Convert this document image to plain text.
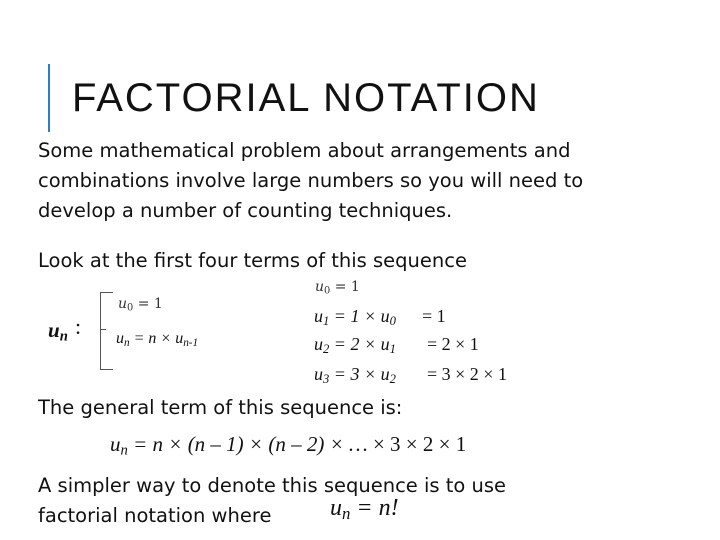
FACTORIAL NOTATION
Some mathematical problem about arrangements and
combinations involve large numbers so you will need to
develop a number of counting techniques.
Look at the first four terms of this sequence
$u_n$ :
$u_0 = 1$
$u_n = n \times u_{n-1}$
$u_0 = 1$
$u_1 = 1 \times u_0 = 1$
$u_2 = 2 \times u_1 = 2 \times 1$
$u_3 = 3 \times u_2 = 3 \times 2 \times 1$
The general term of this sequence is:
$u_n = n \times (n - 1) \times (n - 2)$ × … × 3 × 2 × 1
A simpler way to denote this sequence is to use
factorial notation where $u_n = n$!
